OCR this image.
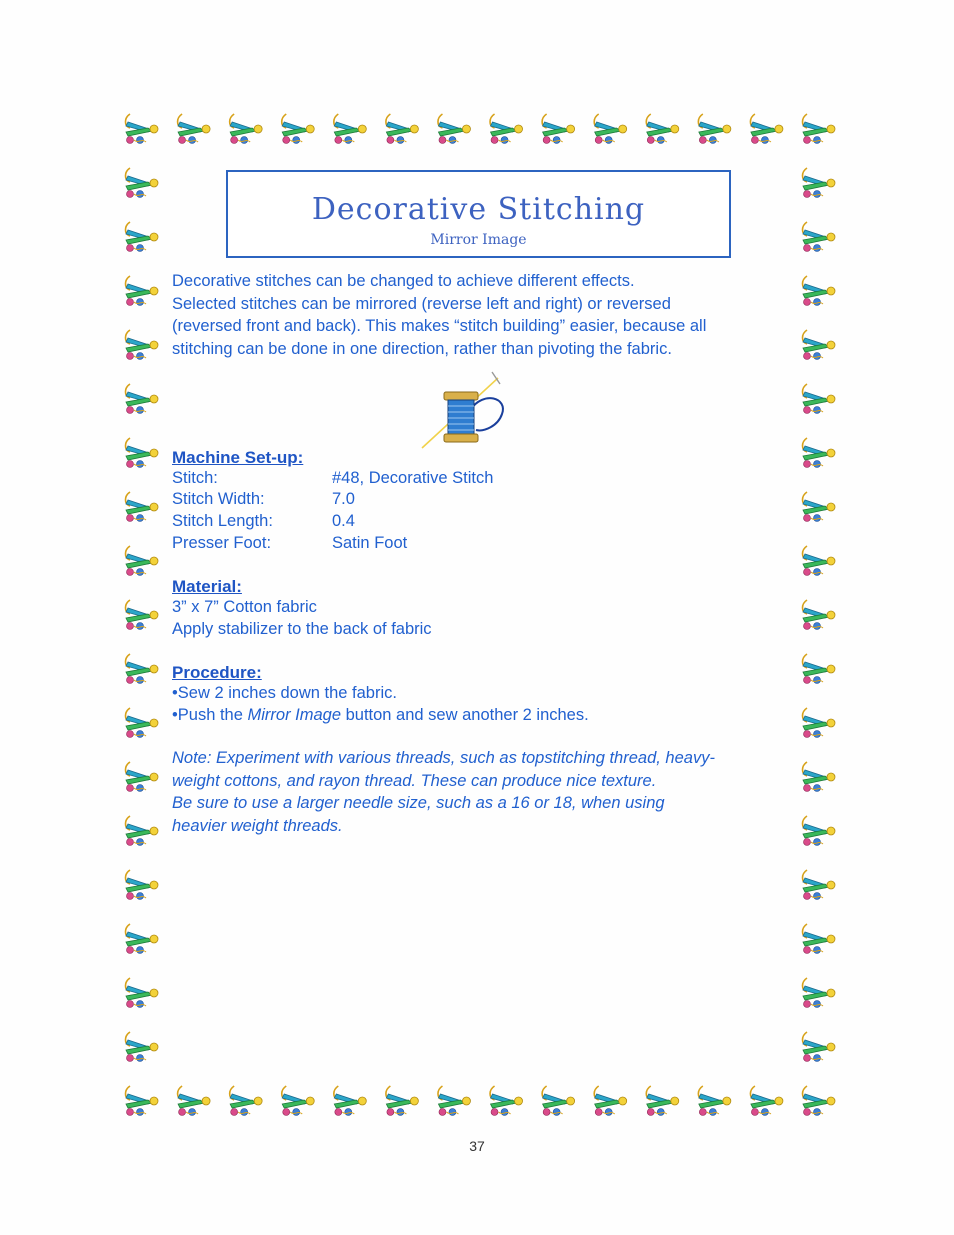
Decorative Stitching
Mirror Image

Decorative stitches can be changed to achieve different effects.

Selected stitches can be mirrored (reverse left and right) or reversed

(reversed front and back). This makes “stitch building” easier, because all

stitching can be done in one direction, rather than pivoting the fabric.

Machine Set-up:
Stitch:	#48, Decorative Stitch
Stitch Width:	7.0
Stitch Length:	0.4
Presser Foot:	Satin Foot
Material:
3” x 7” Cotton fabric
Apply stabilizer to the back of fabric
Procedure:
•Sew 2 inches down the fabric.
•Push the Mirror Image button and sew another 2 inches.

Note: Experiment with various threads, such as topstitching thread, heavy-

weight cottons, and rayon thread. These can produce nice texture.

Be sure to use a larger needle size, such as a 16 or 18, when using

heavier weight threads.

37
